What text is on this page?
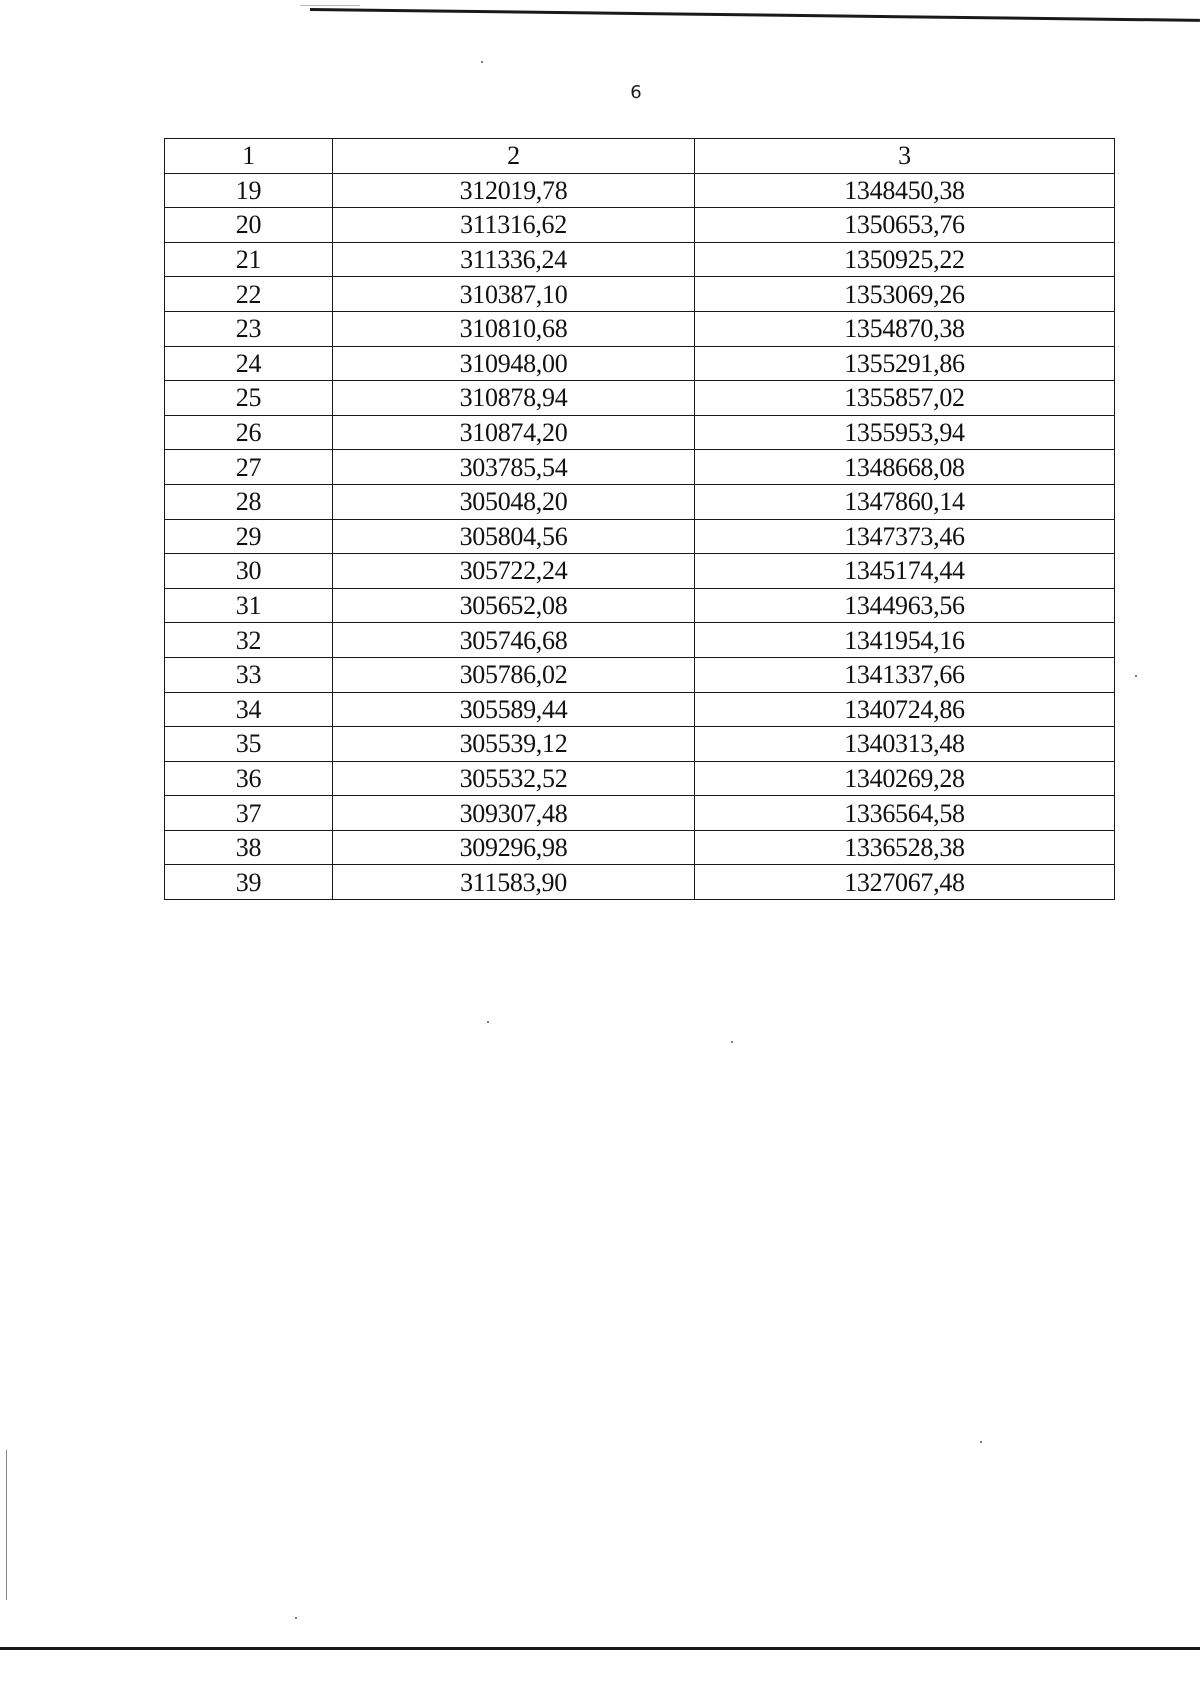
6
1	2	3
19	312019,78	1348450,38
20	311316,62	1350653,76
21	311336,24	1350925,22
22	310387,10	1353069,26
23	310810,68	1354870,38
24	310948,00	1355291,86
25	310878,94	1355857,02
26	310874,20	1355953,94
27	303785,54	1348668,08
28	305048,20	1347860,14
29	305804,56	1347373,46
30	305722,24	1345174,44
31	305652,08	1344963,56
32	305746,68	1341954,16
33	305786,02	1341337,66
34	305589,44	1340724,86
35	305539,12	1340313,48
36	305532,52	1340269,28
37	309307,48	1336564,58
38	309296,98	1336528,38
39	311583,90	1327067,48
